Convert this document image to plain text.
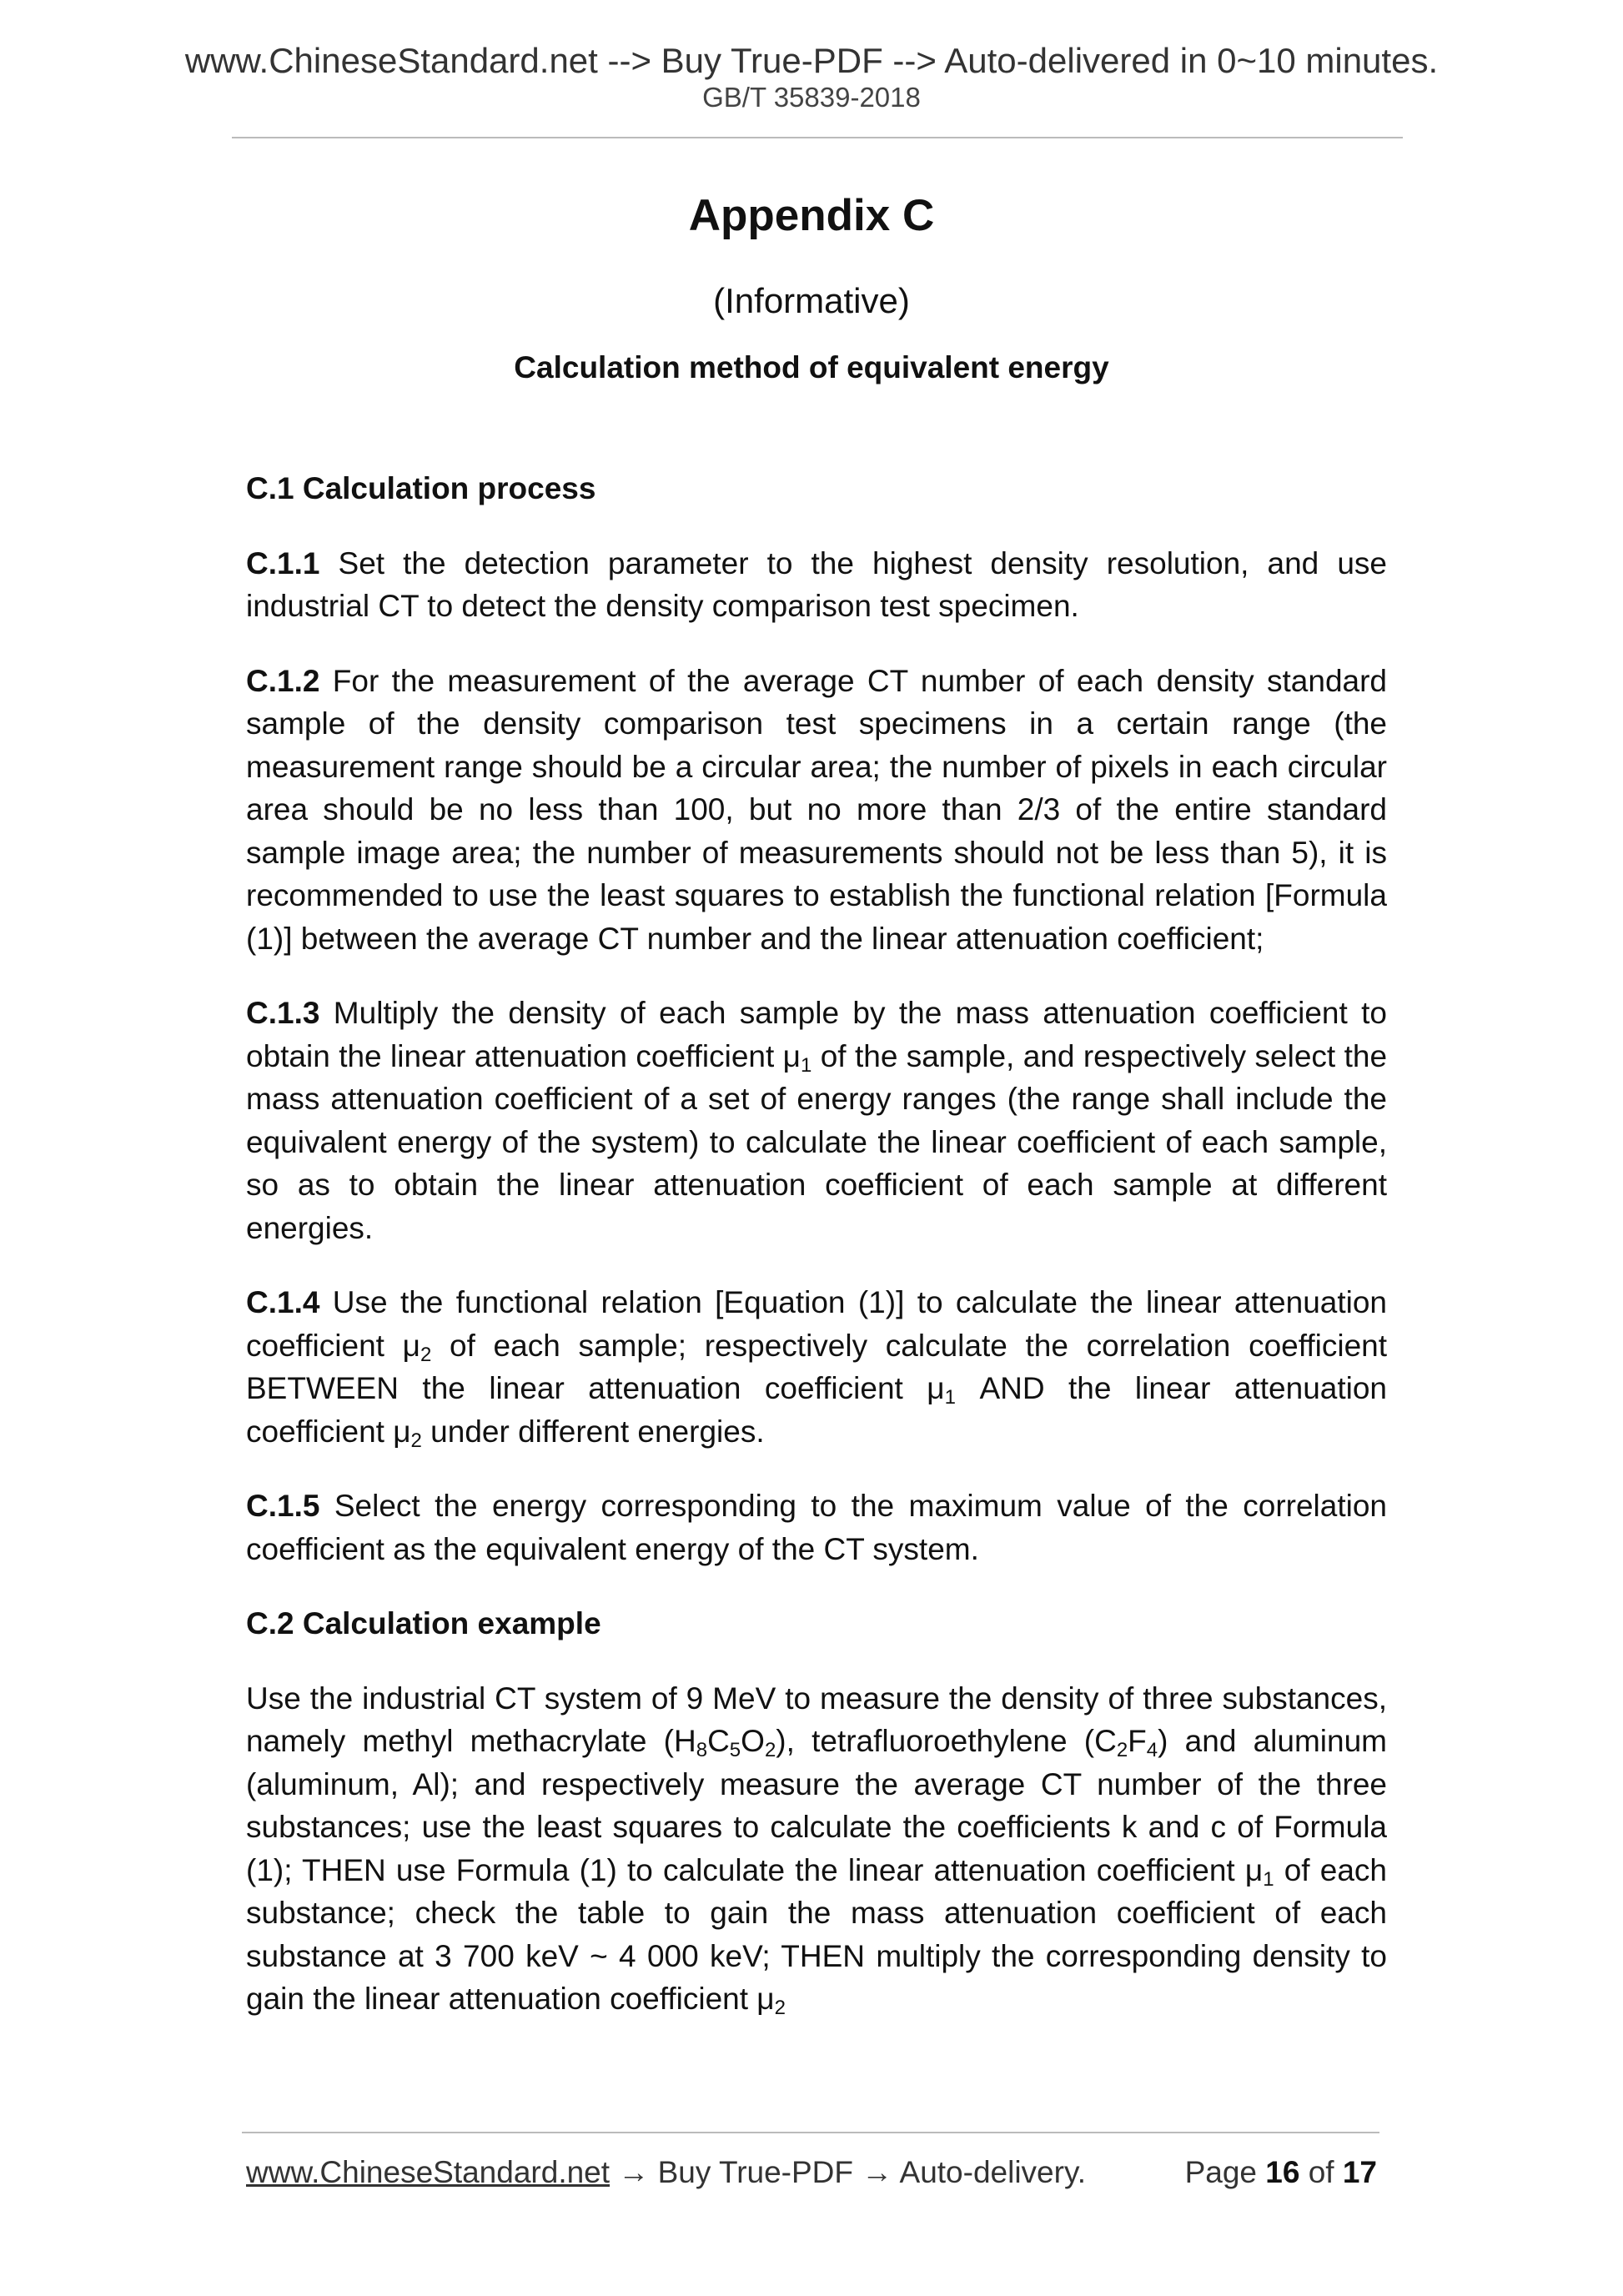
www.ChineseStandard.net --> Buy True-PDF --> Auto-delivered in 0~10 minutes.
GB/T 35839-2018
Appendix C
(Informative)
Calculation method of equivalent energy
C.1 Calculation process

C.1.1 Set the detection parameter to the highest density resolution, and use industrial CT to detect the density comparison test specimen.

C.1.2 For the measurement of the average CT number of each density standard sample of the density comparison test specimens in a certain range (the measurement range should be a circular area; the number of pixels in each circular area should be no less than 100, but no more than 2/3 of the entire standard sample image area; the number of measurements should not be less than 5), it is recommended to use the least squares to establish the functional relation [Formula (1)] between the average CT number and the linear attenuation coefficient;

C.1.3 Multiply the density of each sample by the mass attenuation coefficient to obtain the linear attenuation coefficient $\mu_1$ of the sample, and respectively select the mass attenuation coefficient of a set of energy ranges (the range shall include the equivalent energy of the system) to calculate the linear coefficient of each sample, so as to obtain the linear attenuation coefficient of each sample at different energies.

C.1.4 Use the functional relation [Equation (1)] to calculate the linear attenuation coefficient $\mu_2$ of each sample; respectively calculate the correlation coefficient BETWEEN the linear attenuation coefficient $\mu_1$ AND the linear attenuation coefficient $\mu_2$ under different energies.

C.1.5 Select the energy corresponding to the maximum value of the correlation coefficient as the equivalent energy of the CT system.

C.2 Calculation example

Use the industrial CT system of 9 MeV to measure the density of three substances, namely methyl methacrylate $(H_8C_5O_2)$, tetrafluoroethylene $(C_2F_4)$ and aluminum (aluminum, Al); and respectively measure the average CT number of the three substances; use the least squares to calculate the coefficients k and c of Formula (1); THEN use Formula (1) to calculate the linear attenuation coefficient $\mu_1$ of each substance; check the table to gain the mass attenuation coefficient of each substance at 3 700 keV ~ 4 000 keV; THEN multiply the corresponding density to gain the linear attenuation coefficient $\mu_2$

www.ChineseStandard.net → Buy True-PDF → Auto-delivery.	Page 16 of 17
